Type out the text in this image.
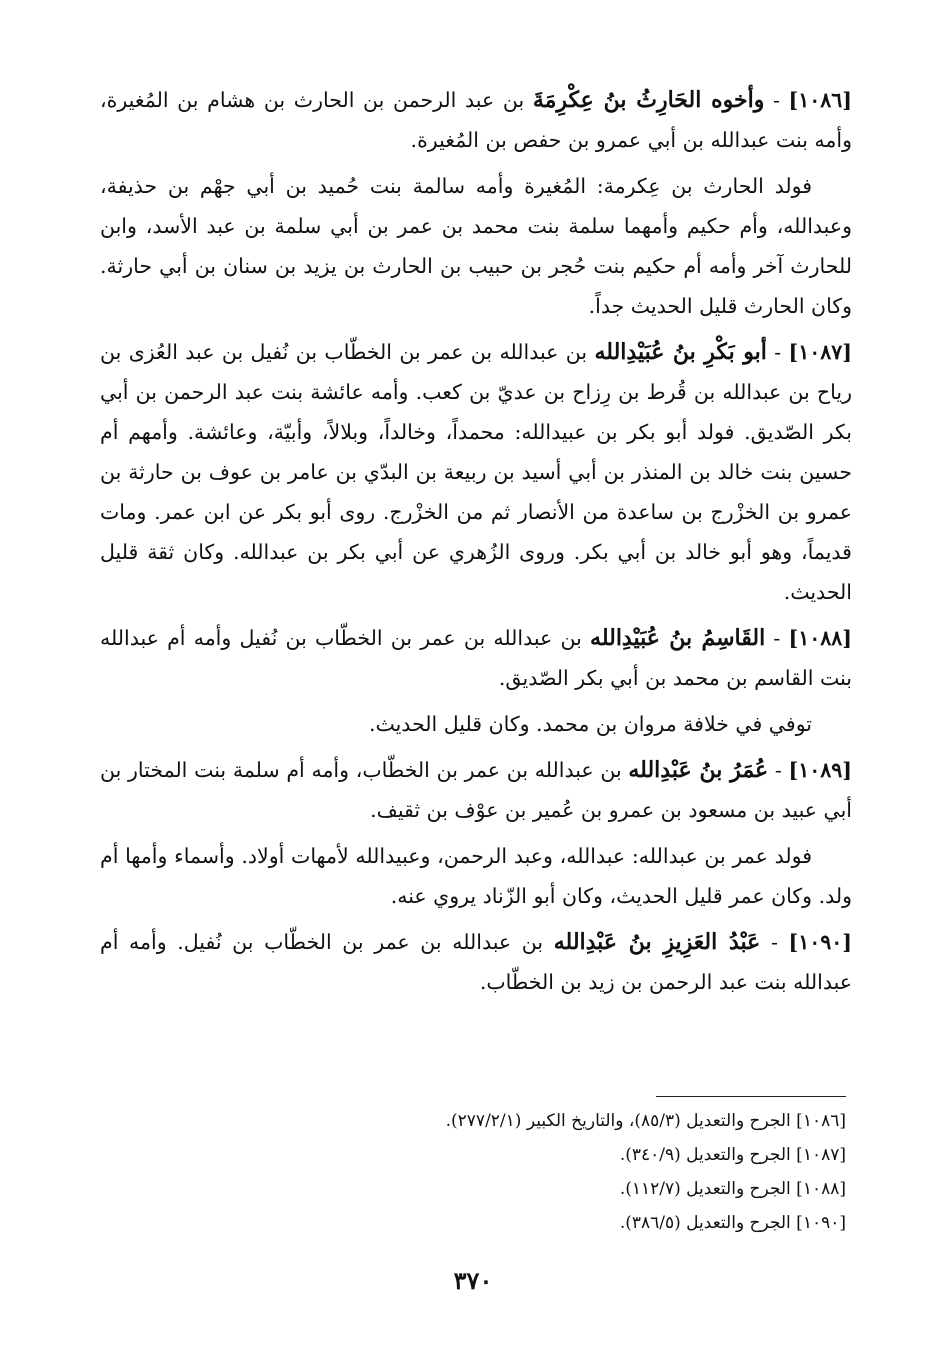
[١٠٨٦] - وأخوه الحَارِثُ بنُ عِكْرِمَةَ بن عبد الرحمن بن الحارث بن هشام بن المُغيرة، وأمه بنت عبدالله بن أبي عمرو بن حفص بن المُغيرة.

فولد الحارث بن عِكرمة: المُغيرة وأمه سالمة بنت حُميد بن أبي جهْم بن حذيفة، وعبدالله، وأم حكيم وأمهما سلمة بنت محمد بن عمر بن أبي سلمة بن عبد الأسد، وابن للحارث آخر وأمه أم حكيم بنت حُجر بن حبيب بن الحارث بن يزيد بن سنان بن أبي حارثة. وكان الحارث قليل الحديث جداً.

[١٠٨٧] - أبو بَكْرِ بنُ عُبَيْدِالله بن عبدالله بن عمر بن الخطّاب بن نُفيل بن عبد العُزى بن رياح بن عبدالله بن قُرط بن رِزاح بن عديّ بن كعب. وأمه عائشة بنت عبد الرحمن بن أبي بكر الصّديق. فولد أبو بكر بن عبيدالله: محمداً، وخالداً، وبلالاً، وأبيّة، وعائشة. وأمهم أم حسين بنت خالد بن المنذر بن أبي أسيد بن ربيعة بن البدّي بن عامر بن عوف بن حارثة بن عمرو بن الخزْرج بن ساعدة من الأنصار ثم من الخزْرج. روى أبو بكر عن ابن عمر. ومات قديماً، وهو أبو خالد بن أبي بكر. وروى الزُهري عن أبي بكر بن عبدالله. وكان ثقة قليل الحديث.

[١٠٨٨] - القَاسِمُ بنُ عُبَيْدِالله بن عبدالله بن عمر بن الخطّاب بن نُفيل وأمه أم عبدالله بنت القاسم بن محمد بن أبي بكر الصّديق.

توفي في خلافة مروان بن محمد. وكان قليل الحديث.

[١٠٨٩] - عُمَرُ بنُ عَبْدِالله بن عبدالله بن عمر بن الخطّاب، وأمه أم سلمة بنت المختار بن أبي عبيد بن مسعود بن عمرو بن عُمير بن عوْف بن ثقيف.

فولد عمر بن عبدالله: عبدالله، وعبد الرحمن، وعبيدالله لأمهات أولاد. وأسماء وأمها أم ولد. وكان عمر قليل الحديث، وكان أبو الزّناد يروي عنه.

[١٠٩٠] - عَبْدُ العَزِيزِ بنُ عَبْدِالله بن عبدالله بن عمر بن الخطّاب بن نُفيل. وأمه أم عبدالله بنت عبد الرحمن بن زيد بن الخطّاب.

[١٠٨٦] الجرح والتعديل (٨٥/٣)، والتاريخ الكبير (٢٧٧/٢/١).

[١٠٨٧] الجرح والتعديل (٣٤٠/٩).

[١٠٨٨] الجرح والتعديل (١١٢/٧).

[١٠٩٠] الجرح والتعديل (٣٨٦/٥).

٣٧٠
